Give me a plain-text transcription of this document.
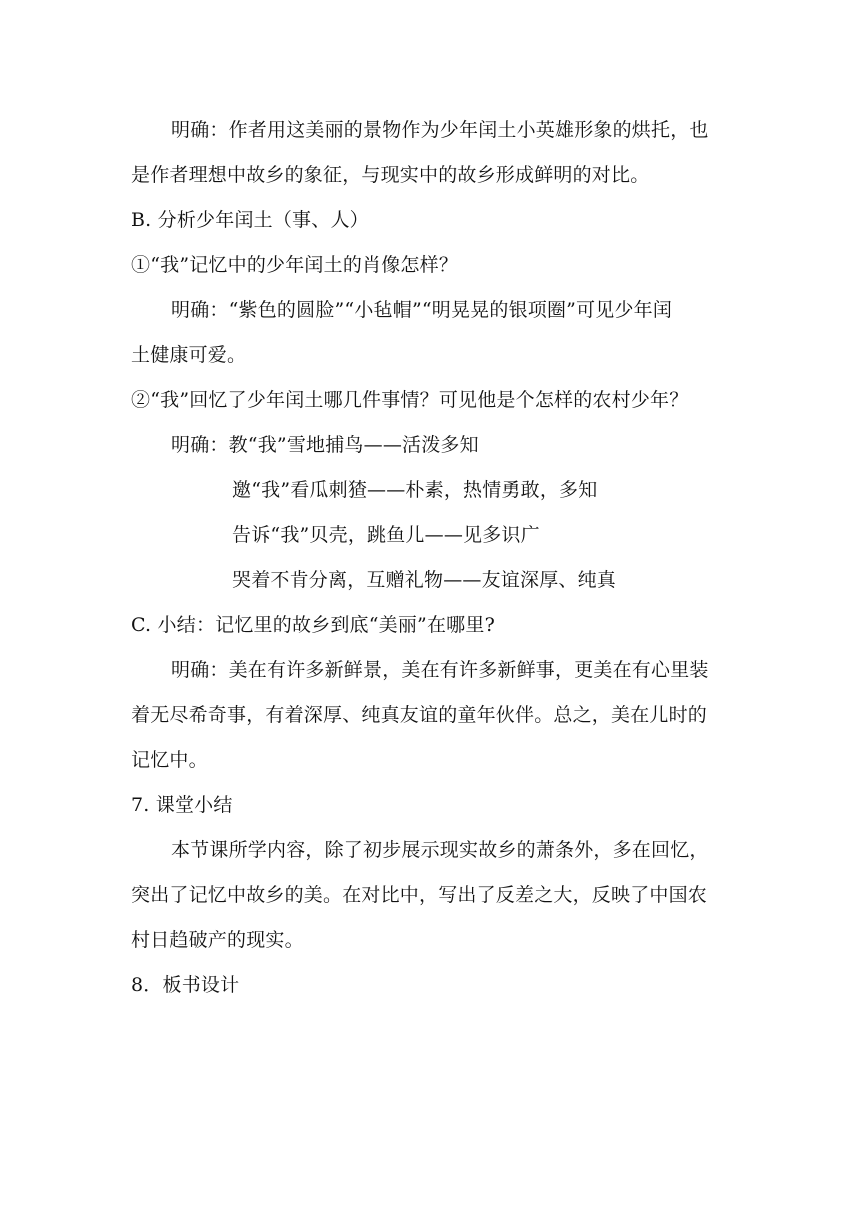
明确：作者用这美丽的景物作为少年闰土小英雄形象的烘托，也
是作者理想中故乡的象征，与现实中的故乡形成鲜明的对比。
B. 分析少年闰土（事、人）
①“我”记忆中的少年闰土的肖像怎样？
明确：“紫色的圆脸”“小毡帽”“明晃晃的银项圈”可见少年闰
土健康可爱。
②“我”回忆了少年闰土哪几件事情？可见他是个怎样的农村少年？
明确：教“我”雪地捕鸟——活泼多知
邀“我”看瓜刺猹——朴素，热情勇敢，多知
告诉“我”贝壳，跳鱼儿——见多识广
哭着不肯分离，互赠礼物——友谊深厚、纯真
C. 小结：记忆里的故乡到底“美丽”在哪里?
明确：美在有许多新鲜景，美在有许多新鲜事，更美在有心里装
着无尽希奇事，有着深厚、纯真友谊的童年伙伴。总之，美在儿时的
记忆中。
7. 课堂小结
本节课所学内容，除了初步展示现实故乡的萧条外，多在回忆，
突出了记忆中故乡的美。在对比中，写出了反差之大，反映了中国农
村日趋破产的现实。
8．板书设计
